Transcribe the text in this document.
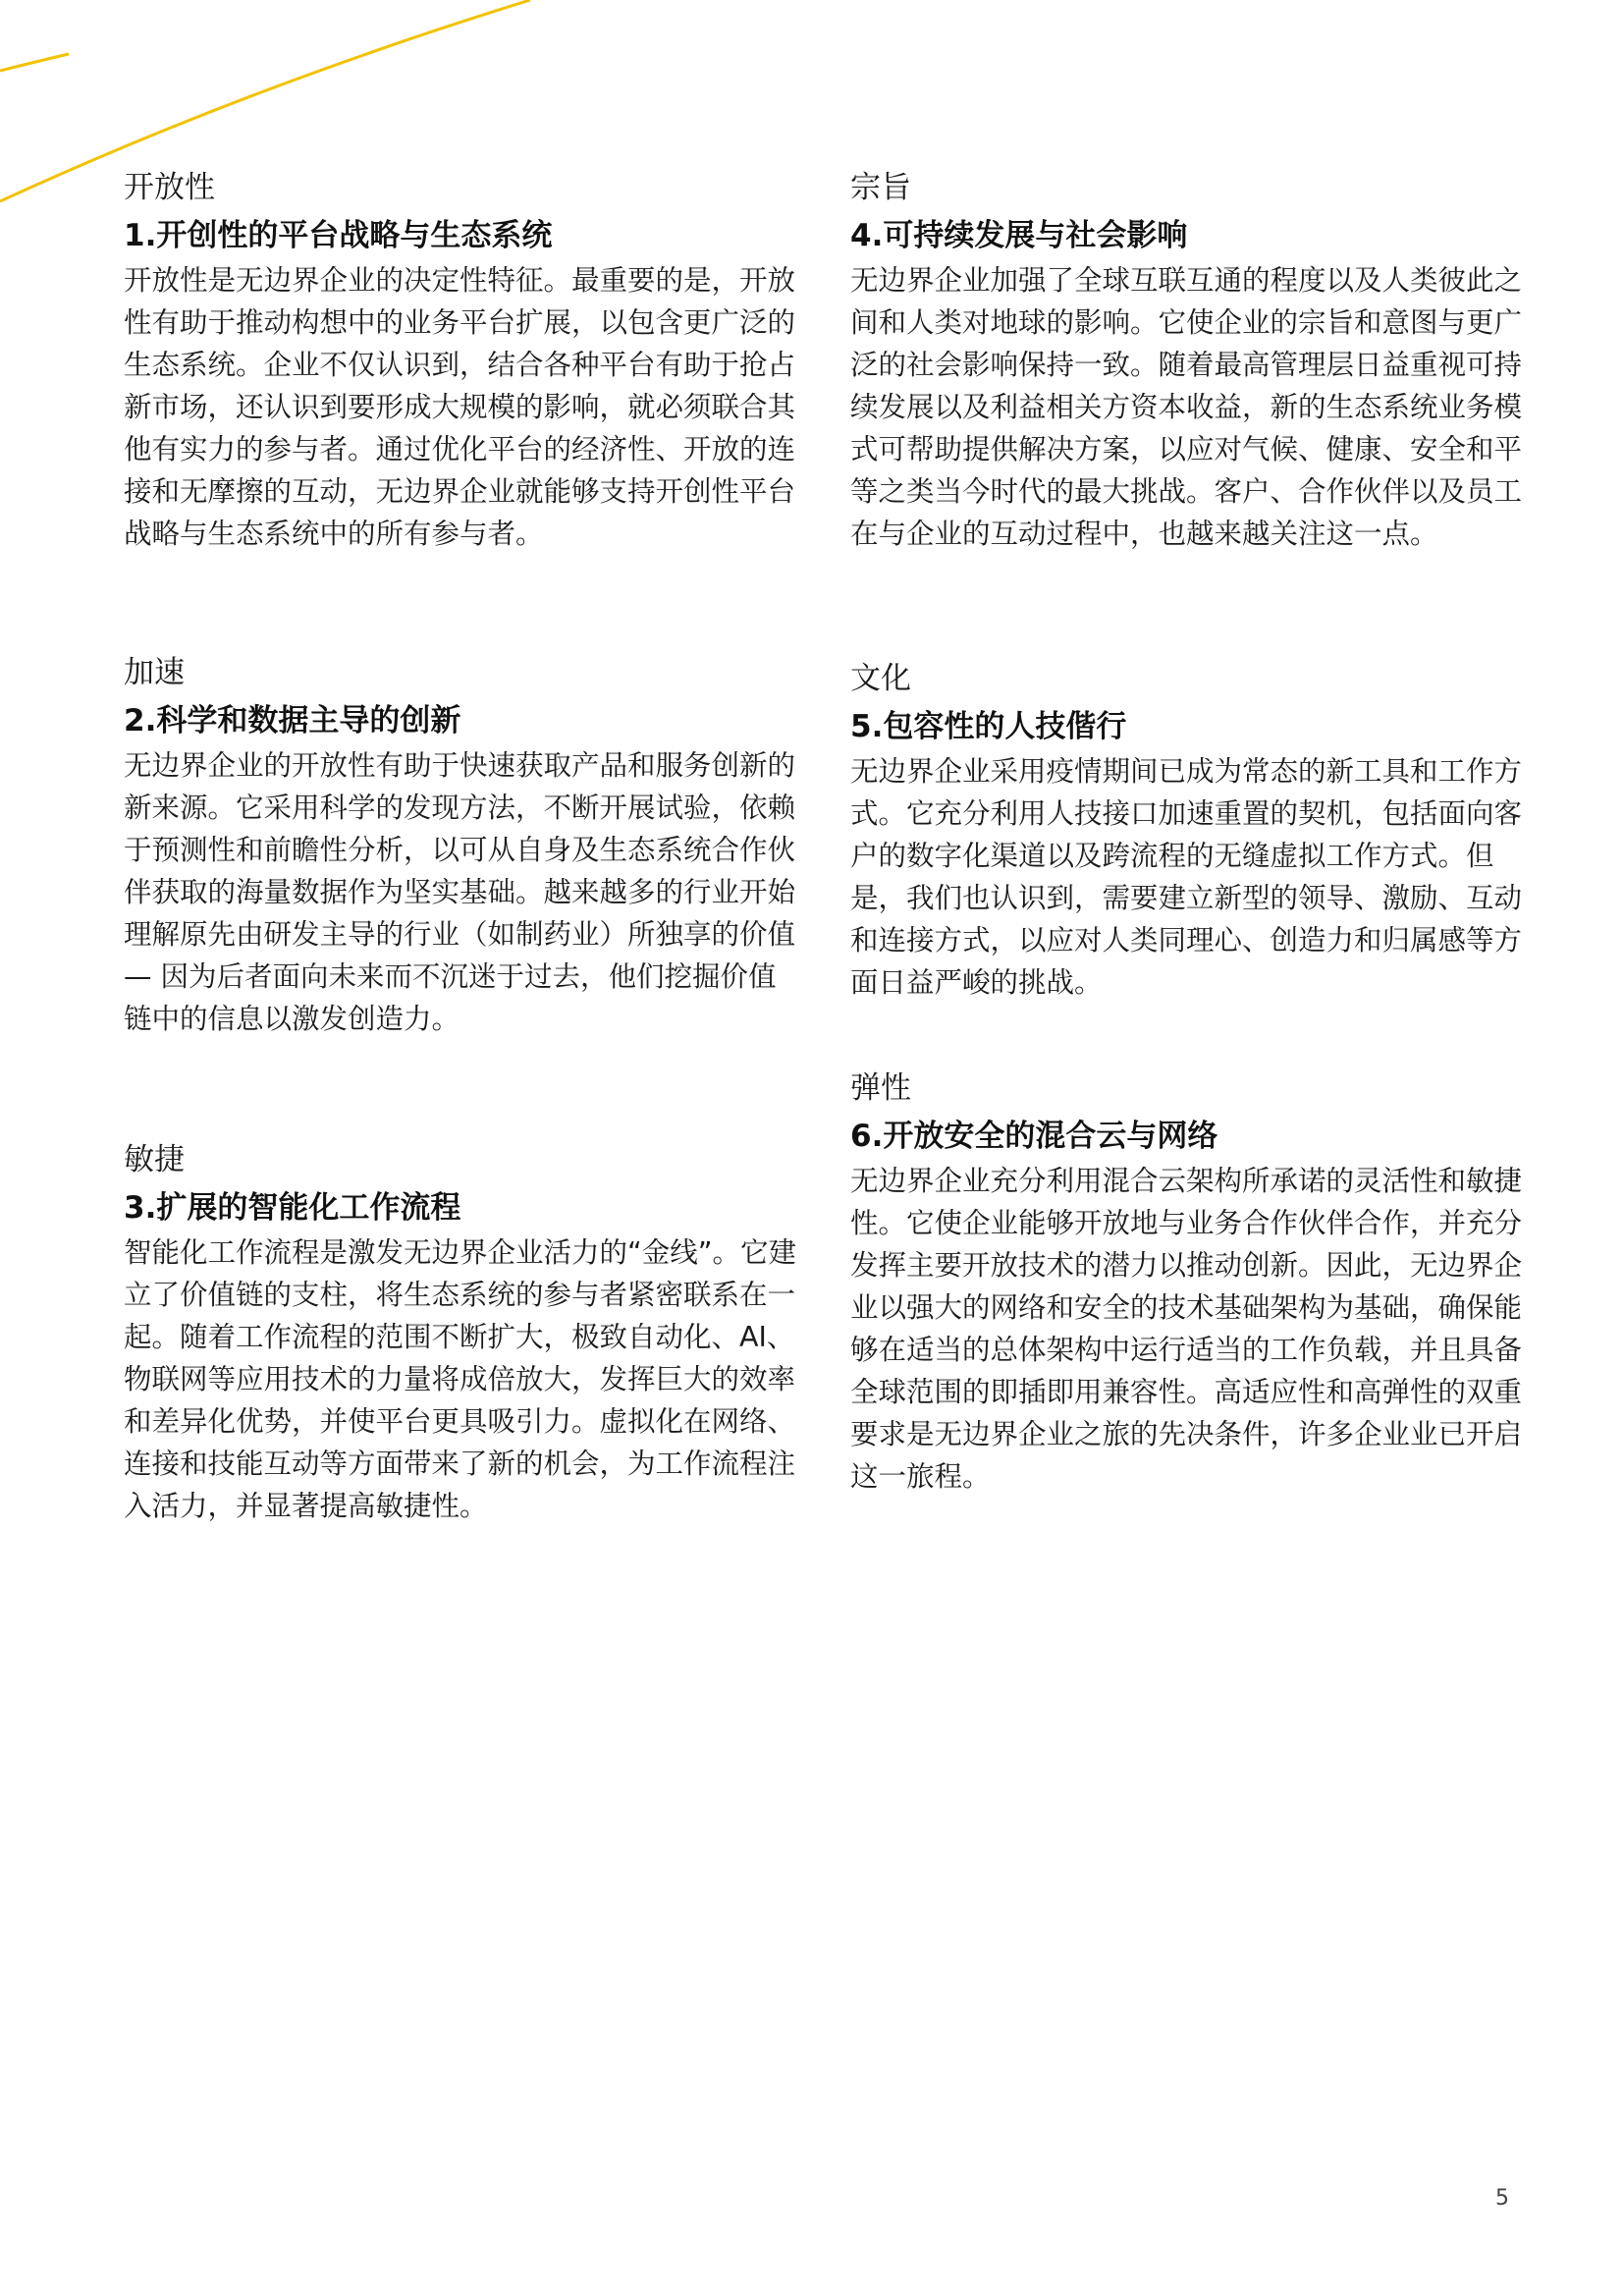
开放性
1.开创性的平台战略与生态系统

开放性是无边界企业的决定性特征。最重要的是，开放性有助于推动构想中的业务平台扩展，以包含更广泛的生态系统。企业不仅认识到，结合各种平台有助于抢占新市场，还认识到要形成大规模的影响，就必须联合其他有实力的参与者。通过优化平台的经济性、开放的连接和无摩擦的互动，无边界企业就能够支持开创性平台战略与生态系统中的所有参与者。

加速
2.科学和数据主导的创新

无边界企业的开放性有助于快速获取产品和服务创新的新来源。它采用科学的发现方法，不断开展试验，依赖于预测性和前瞻性分析，以可从自身及生态系统合作伙伴获取的海量数据作为坚实基础。越来越多的行业开始理解原先由研发主导的行业（如制药业）所独享的价值 — 因为后者面向未来而不沉迷于过去，他们挖掘价值链中的信息以激发创造力。

敏捷
3.扩展的智能化工作流程

智能化工作流程是激发无边界企业活力的“金线”。它建立了价值链的支柱，将生态系统的参与者紧密联系在一起。随着工作流程的范围不断扩大，极致自动化、AI、物联网等应用技术的力量将成倍放大，发挥巨大的效率和差异化优势，并使平台更具吸引力。虚拟化在网络、连接和技能互动等方面带来了新的机会，为工作流程注入活力，并显著提高敏捷性。

宗旨
4.可持续发展与社会影响

无边界企业加强了全球互联互通的程度以及人类彼此之间和人类对地球的影响。它使企业的宗旨和意图与更广泛的社会影响保持一致。随着最高管理层日益重视可持续发展以及利益相关方资本收益，新的生态系统业务模式可帮助提供解决方案，以应对气候、健康、安全和平等之类当今时代的最大挑战。客户、合作伙伴以及员工在与企业的互动过程中，也越来越关注这一点。

文化
5.包容性的人技偕行

无边界企业采用疫情期间已成为常态的新工具和工作方式。它充分利用人技接口加速重置的契机，包括面向客户的数字化渠道以及跨流程的无缝虚拟工作方式。但是，我们也认识到，需要建立新型的领导、激励、互动和连接方式，以应对人类同理心、创造力和归属感等方面日益严峻的挑战。

弹性
6.开放安全的混合云与网络

无边界企业充分利用混合云架构所承诺的灵活性和敏捷性。它使企业能够开放地与业务合作伙伴合作，并充分发挥主要开放技术的潜力以推动创新。因此，无边界企业以强大的网络和安全的技术基础架构为基础，确保能够在适当的总体架构中运行适当的工作负载，并且具备全球范围的即插即用兼容性。高适应性和高弹性的双重要求是无边界企业之旅的先决条件，许多企业业已开启这一旅程。

5
